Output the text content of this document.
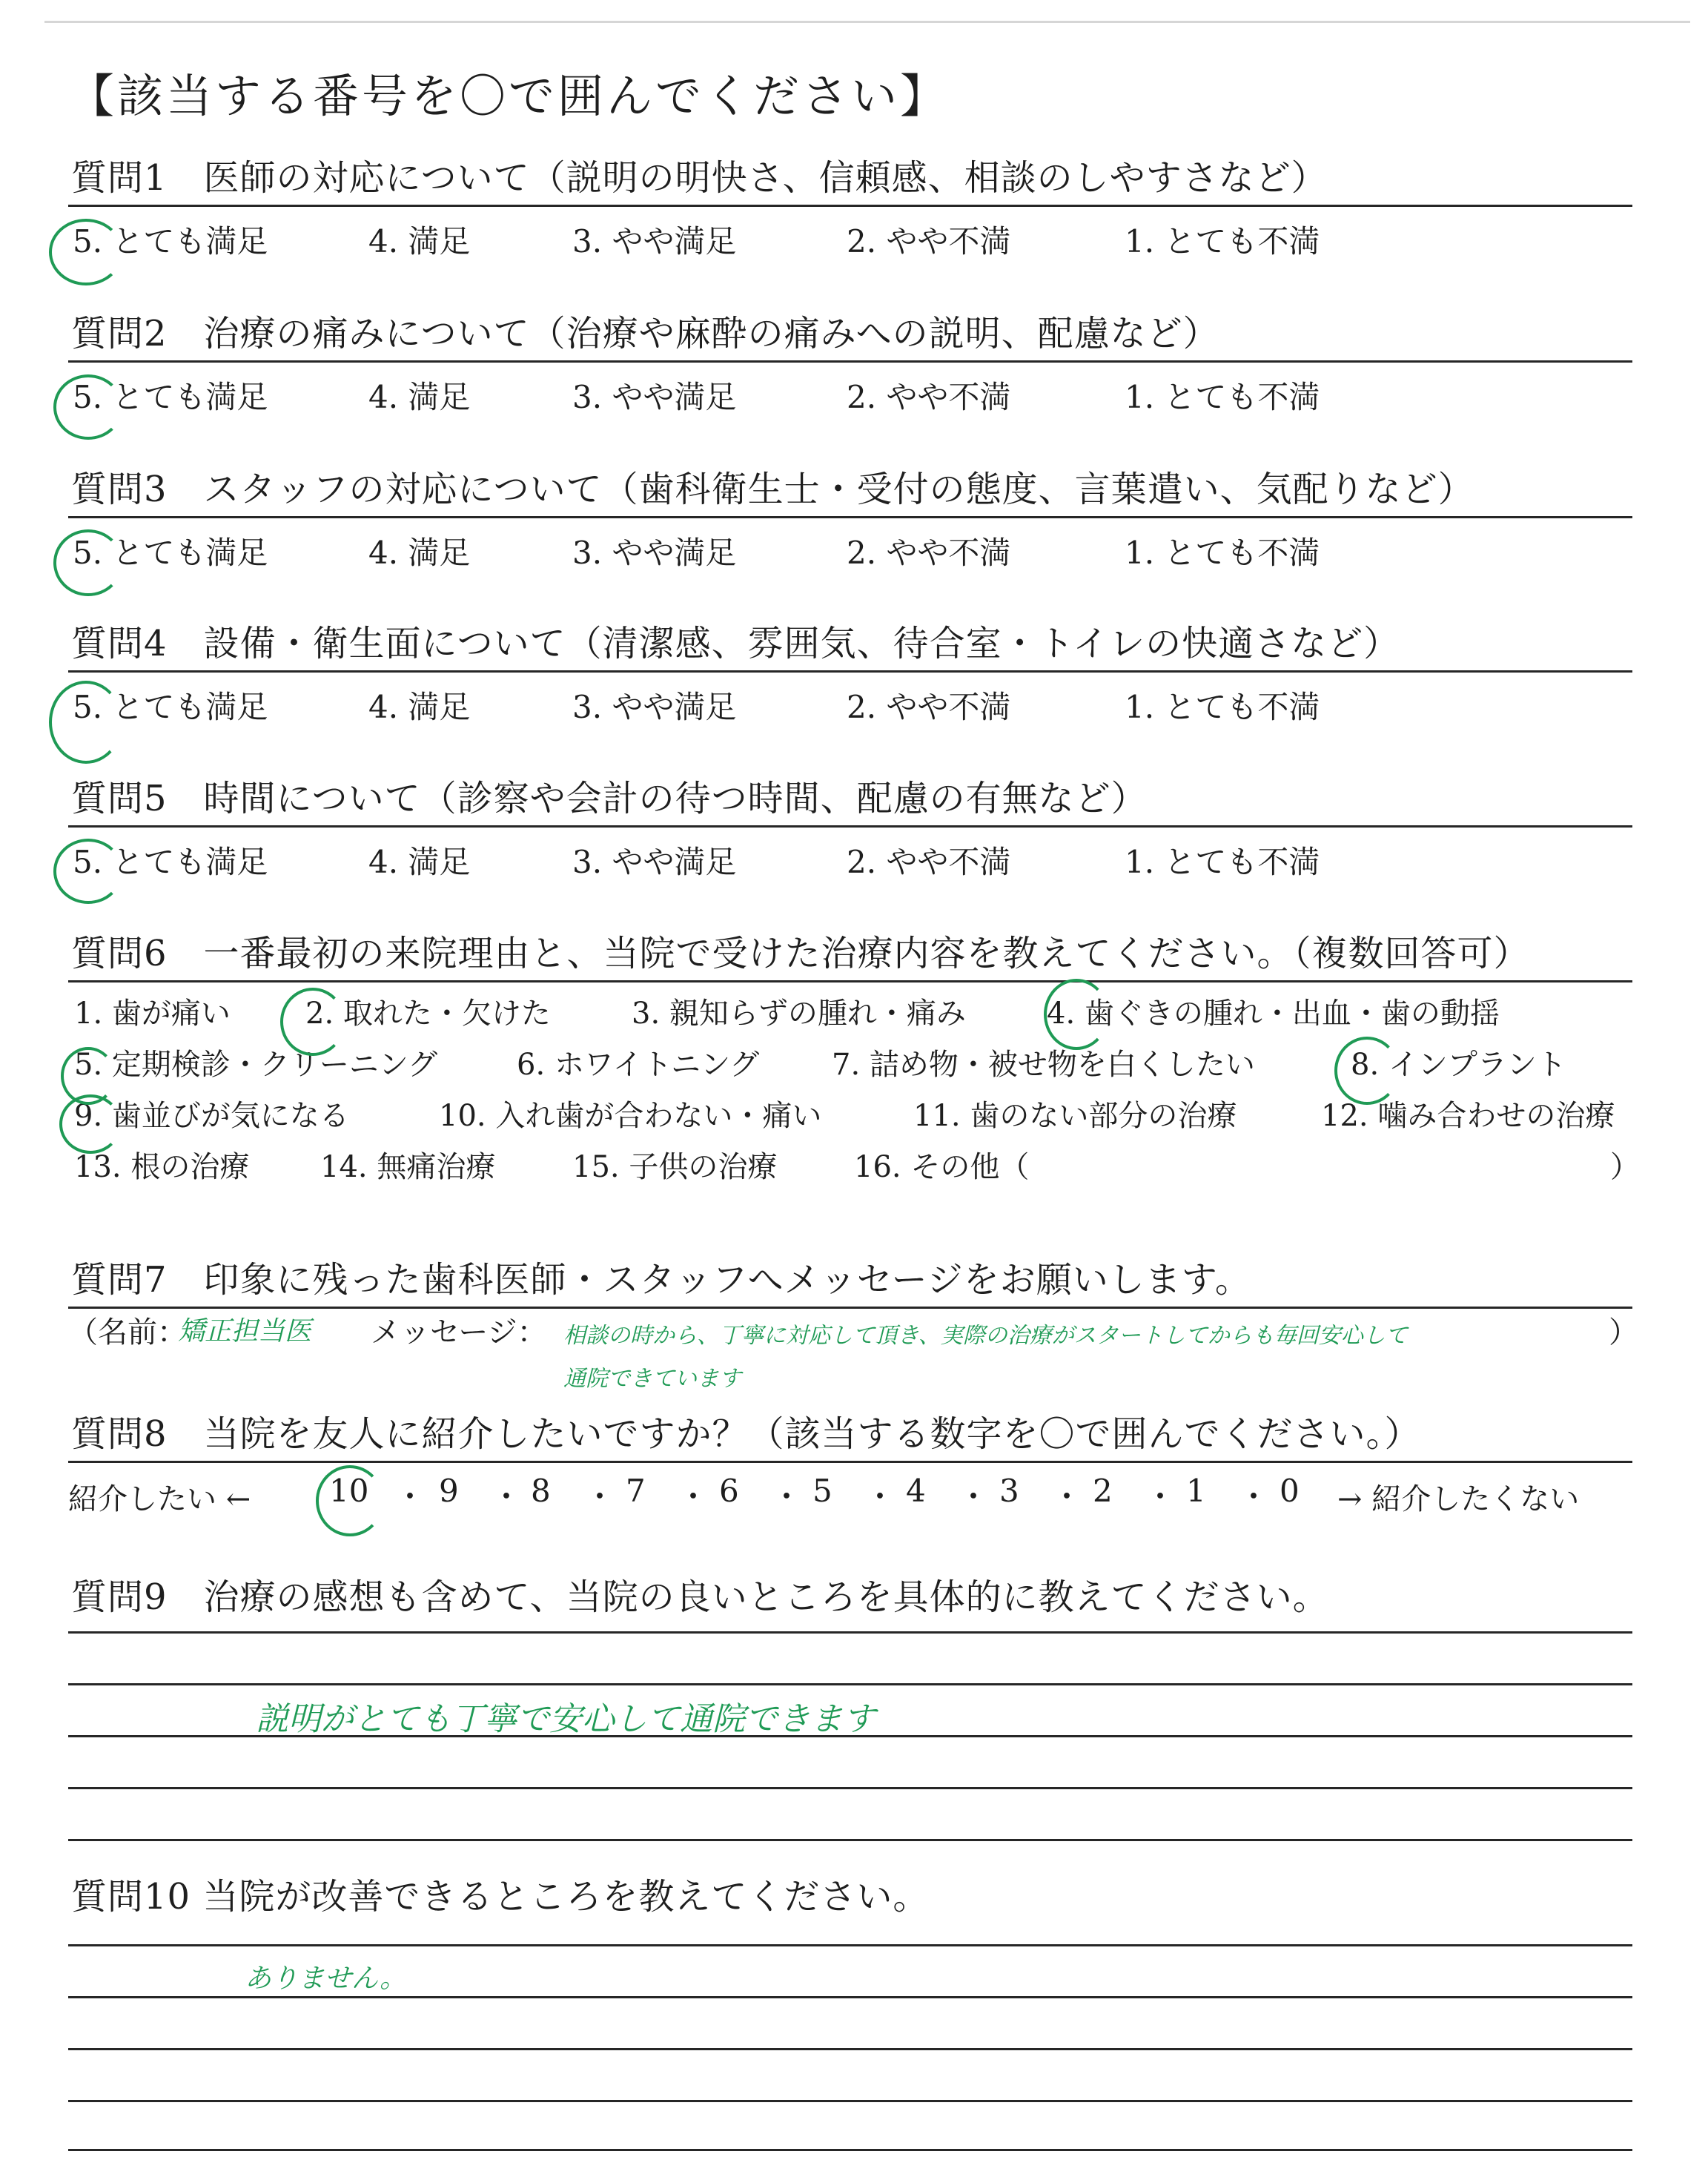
【該当する番号を〇で囲んでください】
質問1　医師の対応について（説明の明快さ、信頼感、相談のしやすさなど）
5. とても満足	4. 満足	3. やや満足	2. やや不満	1. とても不満
質問2　治療の痛みについて（治療や麻酔の痛みへの説明、配慮など）
5. とても満足	4. 満足	3. やや満足	2. やや不満	1. とても不満
質問3　スタッフの対応について（歯科衛生士・受付の態度、言葉遣い、気配りなど）
5. とても満足	4. 満足	3. やや満足	2. やや不満	1. とても不満
質問4　設備・衛生面について（清潔感、雰囲気、待合室・トイレの快適さなど）
5. とても満足	4. 満足	3. やや満足	2. やや不満	1. とても不満
質問5　時間について（診察や会計の待つ時間、配慮の有無など）
5. とても満足	4. 満足	3. やや満足	2. やや不満	1. とても不満
質問6　一番最初の来院理由と、当院で受けた治療内容を教えてください。（複数回答可）
1. 歯が痛い	2. 取れた・欠けた	3. 親知らずの腫れ・痛み	4. 歯ぐきの腫れ・出血・歯の動揺
5. 定期検診・クリーニング	6. ホワイトニング 7. 詰め物・被せ物を白くしたい	8. インプラント
9. 歯並びが気になる	10. 入れ歯が合わない・痛い	11. 歯のない部分の治療	12. 噛み合わせの治療
13. 根の治療 14. 無痛治療	15. 子供の治療	16. その他（	）
質問7　印象に残った歯科医師・スタッフへメッセージをお願いします。
（名前：
矯正担当医 メッセージ： 相談の時から、丁寧に対応して頂き、実際の治療がスタートしてからも毎回安心して
通院できています
）
質問8　当院を友人に紹介したいですか？（該当する数字を〇で囲んでください。）
紹介したい ←	10 ・ 9 ・ 8 ・ 7 ・ 6 ・ 5 ・ 4 ・ 3 ・ 2 ・ 1 ・ 0 → 紹介したくない
質問9　治療の感想も含めて、当院の良いところを具体的に教えてください。
説明がとても丁寧で安心して通院できます
質問10 当院が改善できるところを教えてください。
ありません。
